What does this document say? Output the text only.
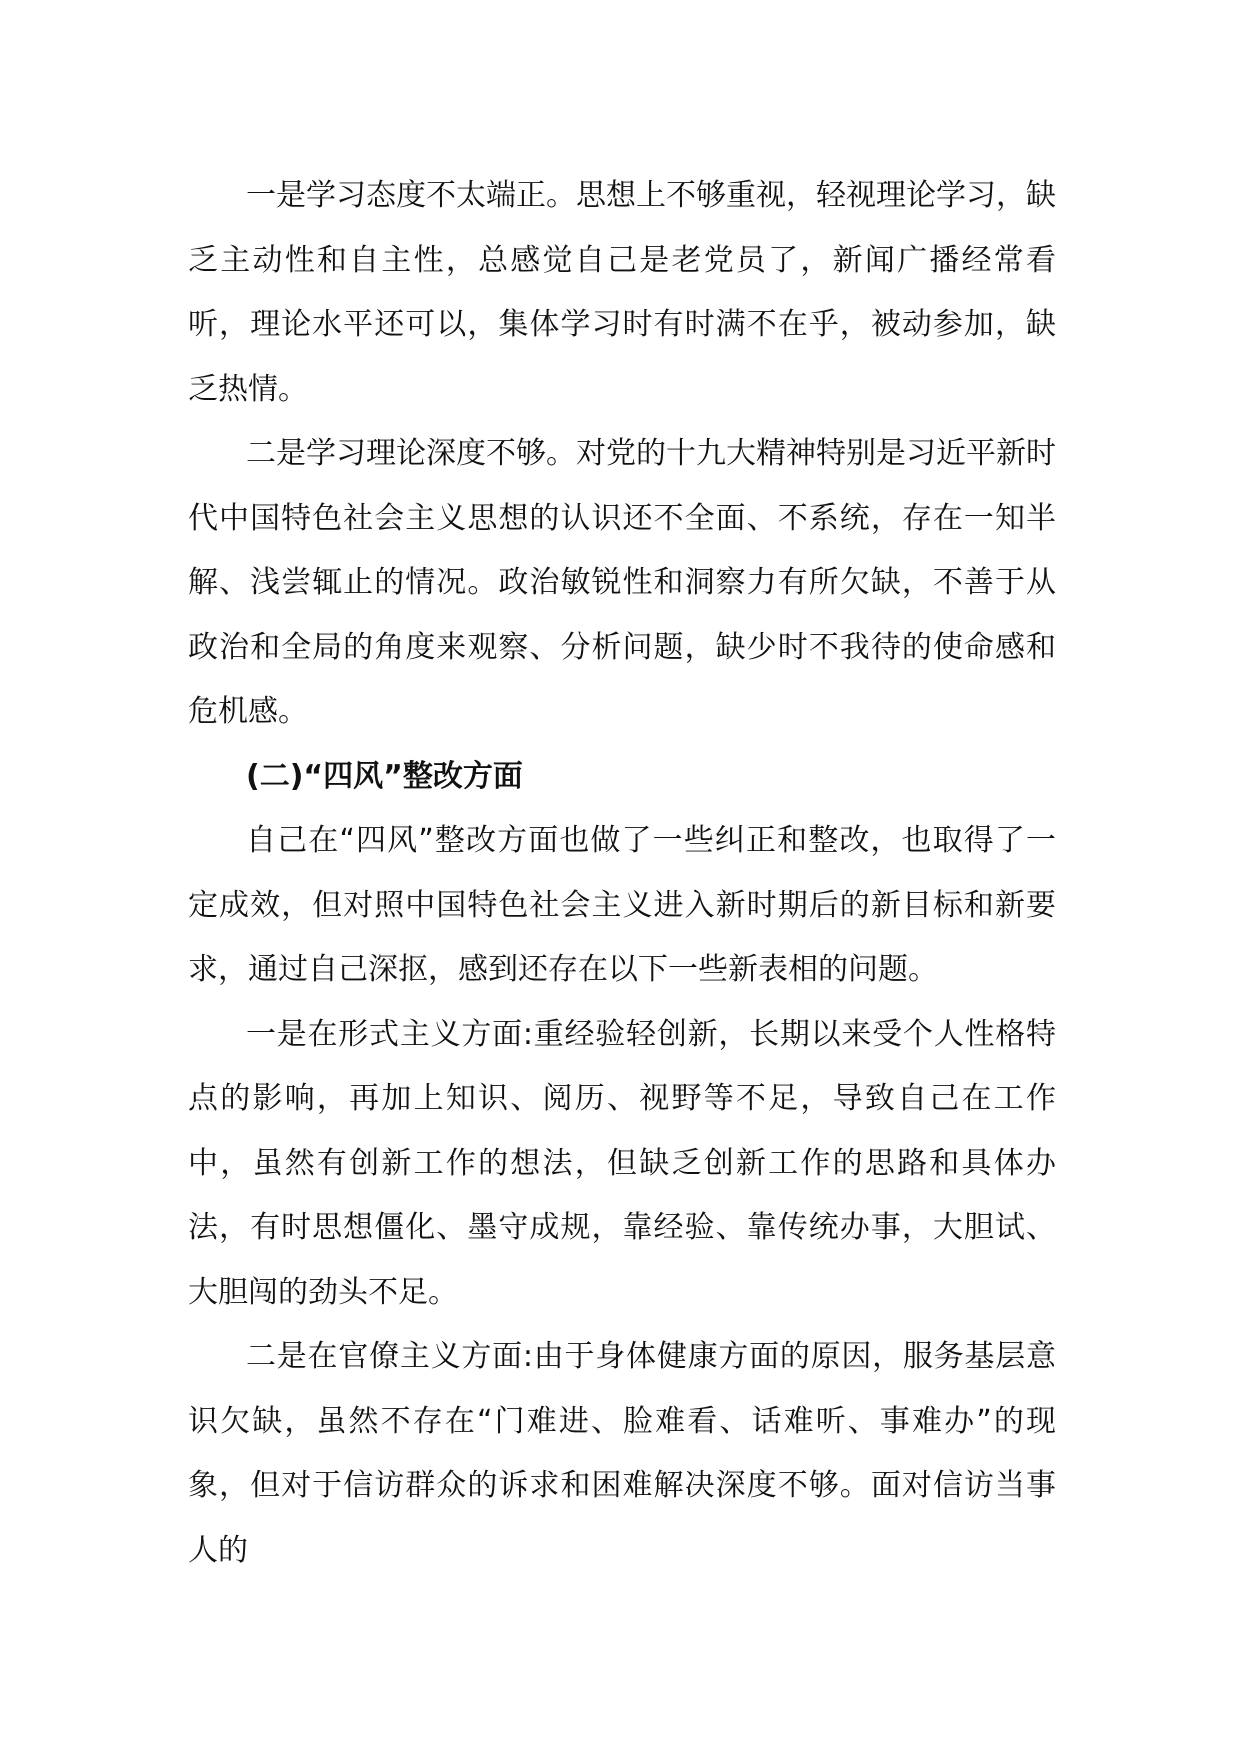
一是学习态度不太端正。思想上不够重视，轻视理论学习，缺乏主动性和自主性，总感觉自己是老党员了，新闻广播经常看听，理论水平还可以，集体学习时有时满不在乎，被动参加，缺乏热情。

二是学习理论深度不够。对党的十九大精神特别是习近平新时代中国特色社会主义思想的认识还不全面、不系统，存在一知半解、浅尝辄止的情况。政治敏锐性和洞察力有所欠缺，不善于从政治和全局的角度来观察、分析问题，缺少时不我待的使命感和危机感。

(二)“四风”整改方面

自己在“四风”整改方面也做了一些纠正和整改，也取得了一定成效，但对照中国特色社会主义进入新时期后的新目标和新要求，通过自己深抠，感到还存在以下一些新表相的问题。

一是在形式主义方面:重经验轻创新，长期以来受个人性格特点的影响，再加上知识、阅历、视野等不足，导致自己在工作中，虽然有创新工作的想法，但缺乏创新工作的思路和具体办法，有时思想僵化、墨守成规，靠经验、靠传统办事，大胆试、大胆闯的劲头不足。

二是在官僚主义方面:由于身体健康方面的原因，服务基层意识欠缺，虽然不存在“门难进、脸难看、话难听、事难办”的现象，但对于信访群众的诉求和困难解决深度不够。面对信访当事人的
